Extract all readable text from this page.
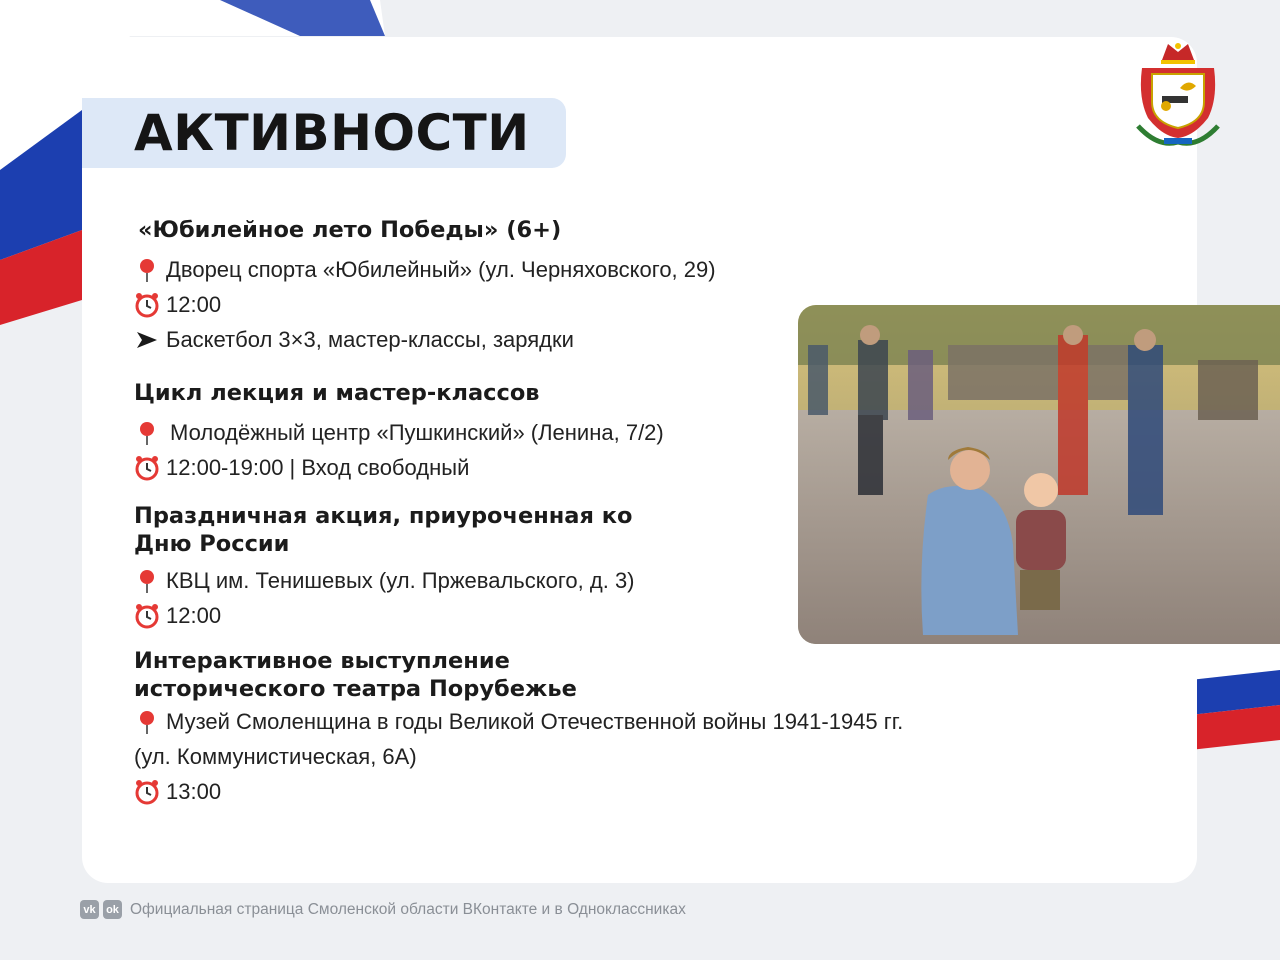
АКТИВНОСТИ
«Юбилейное лето Победы» (6+)
Дворец спорта «Юбилейный» (ул. Черняховского, 29)
12:00
Баскетбол 3×3, мастер-классы, зарядки
Цикл лекция и мастер-классов
Молодёжный центр «Пушкинский» (Ленина, 7/2)
12:00-19:00 | Вход свободный
Праздничная акция, приуроченная ко
Дню России
КВЦ им. Тенишевых (ул. Пржевальского, д. 3)
12:00
Интерактивное выступление
исторического театра Порубежье
Музей Смоленщина в годы Великой Отечественной войны 1941-1945 гг.
(ул. Коммунистическая, 6А)
13:00
vk ok Официальная страница Смоленской области ВКонтакте и в Одноклассниках
